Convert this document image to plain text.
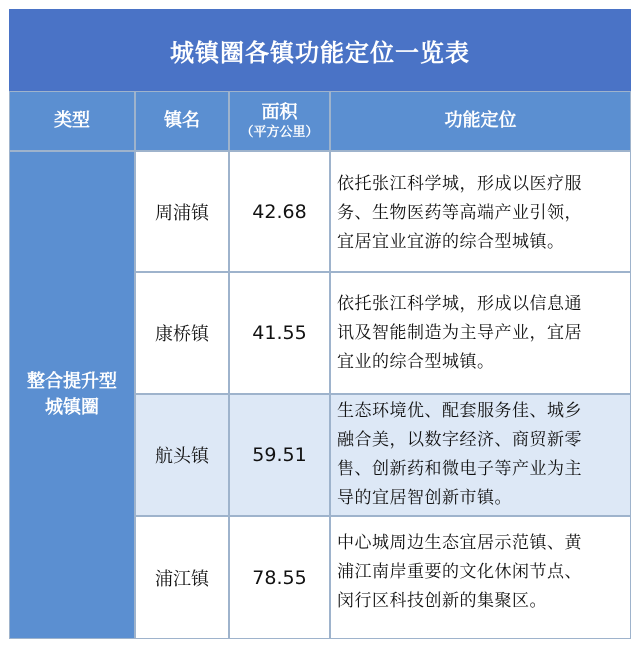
城镇圈各镇功能定位一览表
类型	镇名	面积
（平方公里）
功能定位
整合提升型
城镇圈
周浦镇 42.68
依托张江科学城，形成以医疗服
务、生物医药等高端产业引领，
宜居宜业宜游的综合型城镇。
康桥镇 41.55
依托张江科学城，形成以信息通
讯及智能制造为主导产业，宜居
宜业的综合型城镇。
航头镇 59.51
生态环境优、配套服务佳、城乡
融合美，以数字经济、商贸新零
售、创新药和微电子等产业为主
导的宜居智创新市镇。
浦江镇 78.55
中心城周边生态宜居示范镇、黄
浦江南岸重要的文化休闲节点、
闵行区科技创新的集聚区。
